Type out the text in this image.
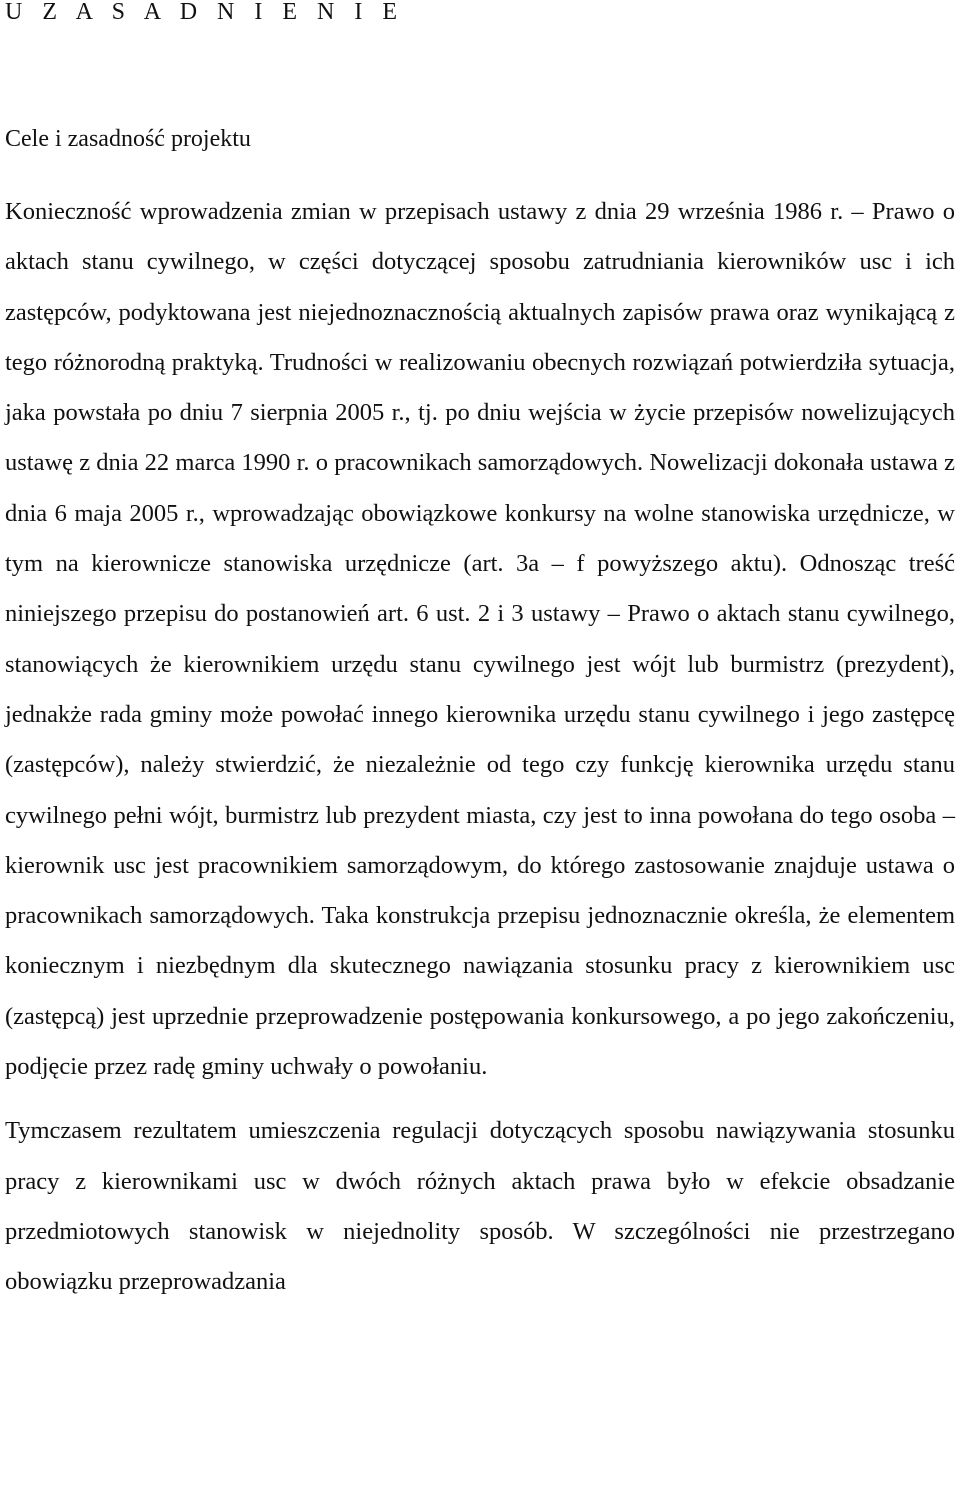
U Z A S A D N I E N I E
Cele i zasadność projektu

Konieczność wprowadzenia zmian w przepisach ustawy z dnia 29 września 1986 r. – Prawo o aktach stanu cywilnego, w części dotyczącej sposobu zatrudniania kierowników usc i ich zastępców, podyktowana jest niejednoznacznością aktualnych zapisów prawa oraz wynikającą z tego różnorodną praktyką. Trudności w realizowaniu obecnych rozwiązań potwierdziła sytuacja, jaka powstała po dniu 7 sierpnia 2005 r., tj. po dniu wejścia w życie przepisów nowelizujących ustawę z dnia 22 marca 1990 r. o pracownikach samorządowych. Nowelizacji dokonała ustawa z dnia 6 maja 2005 r., wprowadzając obowiązkowe konkursy na wolne stanowiska urzędnicze, w tym na kierownicze stanowiska urzędnicze (art. 3a – f powyższego aktu). Odnosząc treść niniejszego przepisu do postanowień art. 6 ust. 2 i 3 ustawy – Prawo o aktach stanu cywilnego, stanowiących że kierownikiem urzędu stanu cywilnego jest wójt lub burmistrz (prezydent), jednakże rada gminy może powołać innego kierownika urzędu stanu cywilnego i jego zastępcę (zastępców), należy stwierdzić, że niezależnie od tego czy funkcję kierownika urzędu stanu cywilnego pełni wójt, burmistrz lub prezydent miasta, czy jest to inna powołana do tego osoba – kierownik usc jest pracownikiem samorządowym, do którego zastosowanie znajduje ustawa o pracownikach samorządowych. Taka konstrukcja przepisu jednoznacznie określa, że elementem koniecznym i niezbędnym dla skutecznego nawiązania stosunku pracy z kierownikiem usc (zastępcą) jest uprzednie przeprowadzenie postępowania konkursowego, a po jego zakończeniu, podjęcie przez radę gminy uchwały o powołaniu.

Tymczasem rezultatem umieszczenia regulacji dotyczących sposobu nawiązywania stosunku pracy z kierownikami usc w dwóch różnych aktach prawa było w efekcie obsadzanie przedmiotowych stanowisk w niejednolity sposób. W szczególności nie przestrzegano obowiązku przeprowadzania
